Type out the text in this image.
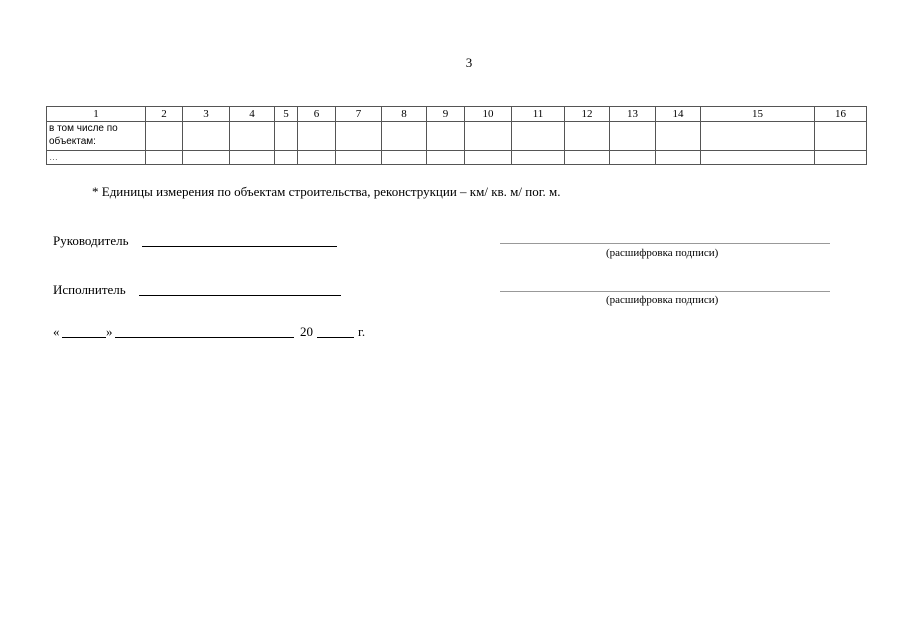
3
1	2	3	4	5	6	7	8	9	10	11	12	13	14	15	16
в том числе по объектам:															
…															
* Единицы измерения по объектам строительства, реконструкции – км/ кв. м/ пог. м.
Руководитель
(расшифровка подписи)
Исполнитель
(расшифровка подписи)
«	»	20	г.
